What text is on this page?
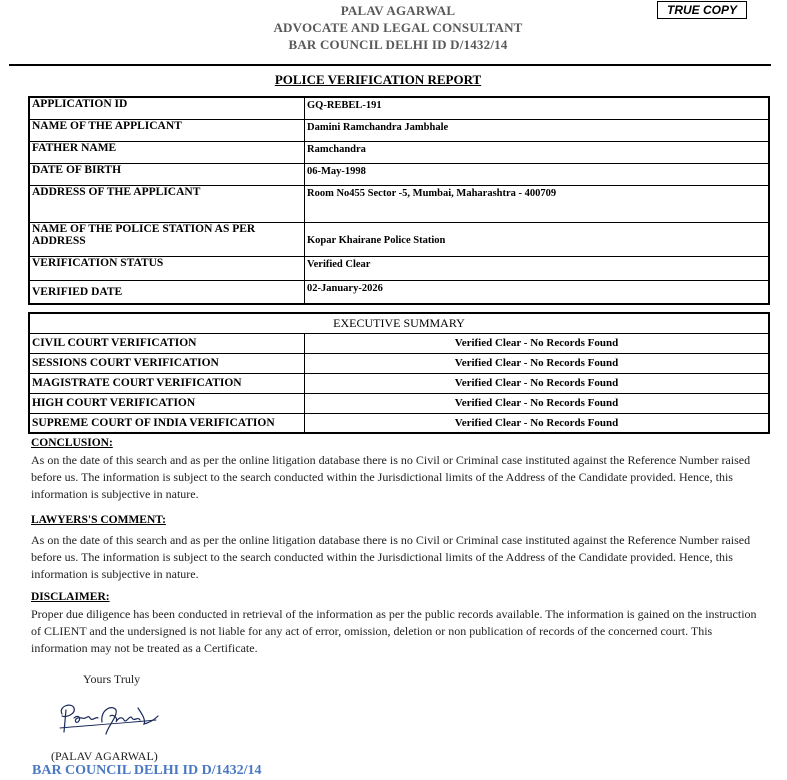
PALAV AGARWAL
ADVOCATE AND LEGAL CONSULTANT
BAR COUNCIL DELHI ID D/1432/14
TRUE COPY
POLICE VERIFICATION REPORT
APPLICATION ID	GQ-REBEL-191
NAME OF THE APPLICANT	Damini Ramchandra Jambhale
FATHER NAME	Ramchandra
DATE OF BIRTH	06-May-1998
ADDRESS OF THE APPLICANT	Room No455 Sector -5, Mumbai, Maharashtra - 400709
NAME OF THE POLICE STATION AS PER ADDRESS	Kopar Khairane Police Station
VERIFICATION STATUS	Verified Clear
VERIFIED DATE	02-January-2026
EXECUTIVE SUMMARY	
CIVIL COURT VERIFICATION	Verified Clear - No Records Found
SESSIONS COURT VERIFICATION	Verified Clear - No Records Found
MAGISTRATE COURT VERIFICATION	Verified Clear - No Records Found
HIGH COURT VERIFICATION	Verified Clear - No Records Found
SUPREME COURT OF INDIA VERIFICATION	Verified Clear - No Records Found
CONCLUSION:
As on the date of this search and as per the online litigation database there is no Civil or Criminal case instituted against the Reference Number raised before us. The information is subject to the search conducted within the Jurisdictional limits of the Address of the Candidate provided. Hence, this information is subjective in nature.
LAWYERS'S COMMENT:
As on the date of this search and as per the online litigation database there is no Civil or Criminal case instituted against the Reference Number raised before us. The information is subject to the search conducted within the Jurisdictional limits of the Address of the Candidate provided. Hence, this information is subjective in nature.
DISCLAIMER:
Proper due diligence has been conducted in retrieval of the information as per the public records available. The information is gained on the instruction of CLIENT and the undersigned is not liable for any act of error, omission, deletion or non publication of records of the concerned court. This information may not be treated as a Certificate.
Yours Truly
(PALAV AGARWAL)
BAR COUNCIL DELHI ID D/1432/14
